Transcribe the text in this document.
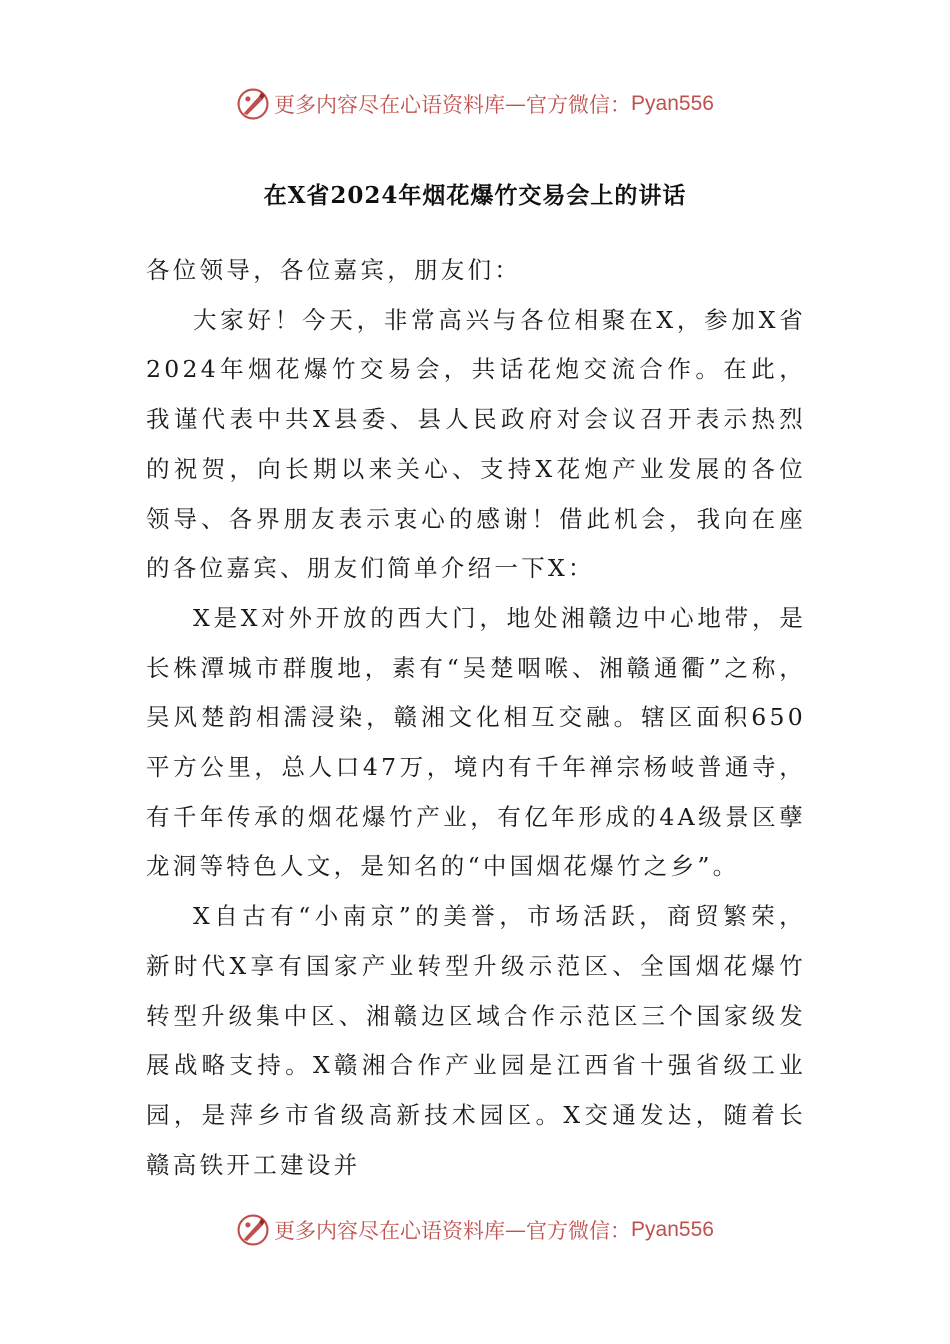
更多内容尽在心语资料库 — 官方微信： Pyan556
在X省2024年烟花爆竹交易会上的讲话

各位领导，各位嘉宾，朋友们：

大家好！今天，非常高兴与各位相聚在X，参加X省2024年烟花爆竹交易会，共话花炮交流合作。在此，我谨代表中共X县委、县人民政府对会议召开表示热烈的祝贺，向长期以来关心、支持X花炮产业发展的各位领导、各界朋友表示衷心的感谢！借此机会，我向在座的各位嘉宾、朋友们简单介绍一下X：

X是X对外开放的西大门，地处湘赣边中心地带，是长株潭城市群腹地，素有“吴楚咽喉、湘赣通衢”之称，吴风楚韵相濡浸染，赣湘文化相互交融。辖区面积650平方公里，总人口47万，境内有千年禅宗杨岐普通寺，有千年传承的烟花爆竹产业，有亿年形成的4A级景区孽龙洞等特色人文，是知名的“中国烟花爆竹之乡”。

X自古有“小南京”的美誉，市场活跃，商贸繁荣，新时代X享有国家产业转型升级示范区、全国烟花爆竹转型升级集中区、湘赣边区域合作示范区三个国家级发展战略支持。X赣湘合作产业园是江西省十强省级工业园，是萍乡市省级高新技术园区。X交通发达，随着长赣高铁开工建设并

更多内容尽在心语资料库 — 官方微信： Pyan556
